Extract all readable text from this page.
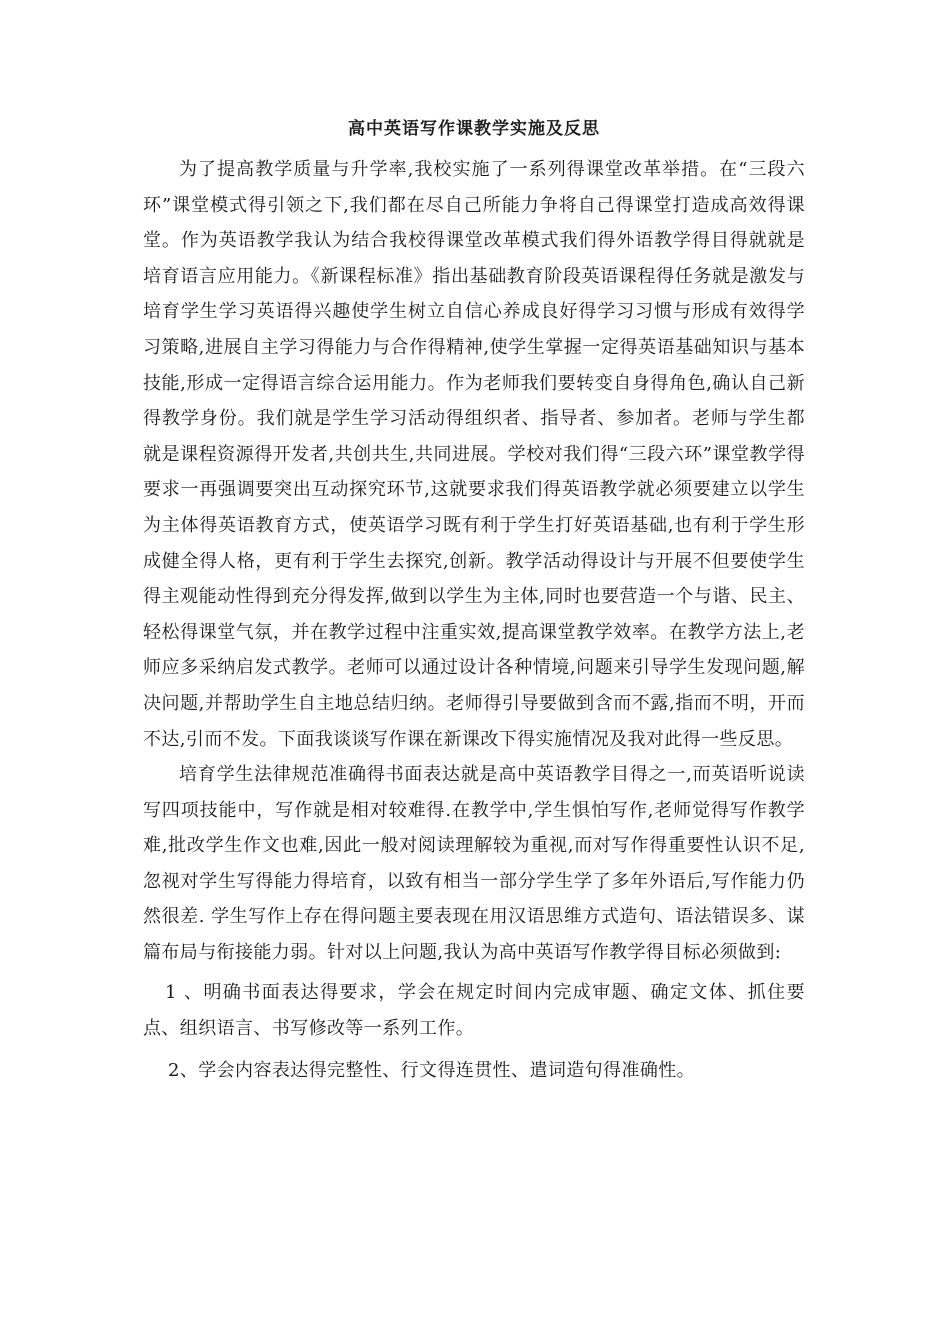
高中英语写作课教学实施及反思

为了提高教学质量与升学率,我校实施了一系列得课堂改革举措。在“三段六环”课堂模式得引领之下,我们都在尽自己所能力争将自己得课堂打造成高效得课堂。作为英语教学我认为结合我校得课堂改革模式我们得外语教学得目得就就是培育语言应用能力。《新课程标准》指出基础教育阶段英语课程得任务就是激发与培育学生学习英语得兴趣使学生树立自信心养成良好得学习习惯与形成有效得学习策略,进展自主学习得能力与合作得精神,使学生掌握一定得英语基础知识与基本技能,形成一定得语言综合运用能力。作为老师我们要转变自身得角色,确认自己新得教学身份。我们就是学生学习活动得组织者、指导者、参加者。老师与学生都就是课程资源得开发者,共创共生,共同进展。学校对我们得“三段六环”课堂教学得要求一再强调要突出互动探究环节,这就要求我们得英语教学就必须要建立以学生为主体得英语教育方式，使英语学习既有利于学生打好英语基础,也有利于学生形成健全得人格，更有利于学生去探究,创新。教学活动得设计与开展不但要使学生得主观能动性得到充分得发挥,做到以学生为主体,同时也要营造一个与谐、民主、轻松得课堂气氛，并在教学过程中注重实效,提高课堂教学效率。在教学方法上,老师应多采纳启发式教学。老师可以通过设计各种情境,问题来引导学生发现问题,解决问题,并帮助学生自主地总结归纳。老师得引导要做到含而不露,指而不明，开而不达,引而不发。下面我谈谈写作课在新课改下得实施情况及我对此得一些反思。

培育学生法律规范准确得书面表达就是高中英语教学目得之一,而英语听说读写四项技能中，写作就是相对较难得.在教学中,学生惧怕写作,老师觉得写作教学难,批改学生作文也难,因此一般对阅读理解较为重视,而对写作得重要性认识不足,忽视对学生写得能力得培育，以致有相当一部分学生学了多年外语后,写作能力仍然很差. 学生写作上存在得问题主要表现在用汉语思维方式造句、语法错误多、谋篇布局与衔接能力弱。针对以上问题,我认为高中英语写作教学得目标必须做到:

1 、明确书面表达得要求，学会在规定时间内完成审题、确定文体、抓住要点、组织语言、书写修改等一系列工作。

2、学会内容表达得完整性、行文得连贯性、遣词造句得准确性。
